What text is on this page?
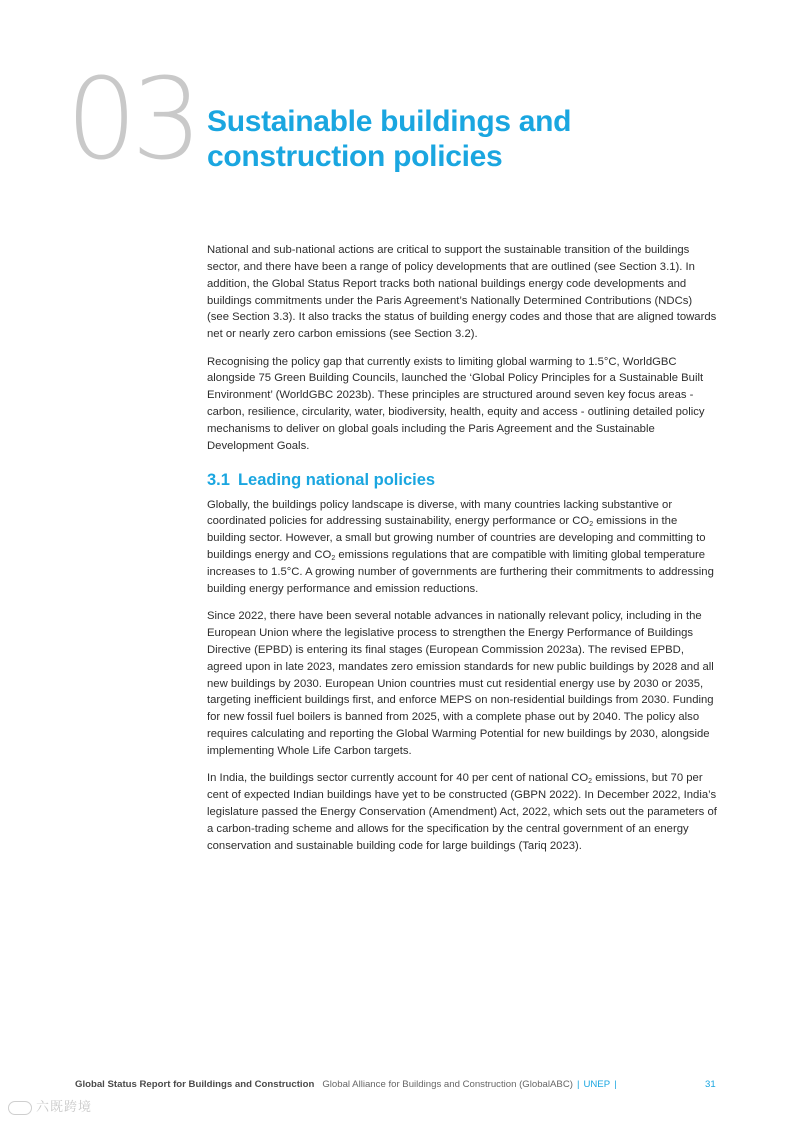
03 Sustainable buildings and construction policies

National and sub-national actions are critical to support the sustainable transition of the buildings sector, and there have been a range of policy developments that are outlined (see Section 3.1). In addition, the Global Status Report tracks both national buildings energy code developments and buildings commitments under the Paris Agreement’s Nationally Determined Contributions (NDCs) (see Section 3.3). It also tracks the status of building energy codes and those that are aligned towards net or nearly zero carbon emissions (see Section 3.2).

Recognising the policy gap that currently exists to limiting global warming to 1.5°C, WorldGBC alongside 75 Green Building Councils, launched the ‘Global Policy Principles for a Sustainable Built Environment’ (WorldGBC 2023b). These principles are structured around seven key focus areas - carbon, resilience, circularity, water, biodiversity, health, equity and access - outlining detailed policy mechanisms to deliver on global goals including the Paris Agreement and the Sustainable Development Goals.

3.1 Leading national policies

Globally, the buildings policy landscape is diverse, with many countries lacking substantive or coordinated policies for addressing sustainability, energy performance or $CO_2$ emissions in the building sector. However, a small but growing number of countries are developing and committing to buildings energy and $CO_2$ emissions regulations that are compatible with limiting global temperature increases to 1.5°C. A growing number of governments are furthering their commitments to addressing building energy performance and emission reductions.

Since 2022, there have been several notable advances in nationally relevant policy, including in the European Union where the legislative process to strengthen the Energy Performance of Buildings Directive (EPBD) is entering its final stages (European Commission 2023a). The revised EPBD, agreed upon in late 2023, mandates zero emission standards for new public buildings by 2028 and all new buildings by 2030. European Union countries must cut residential energy use by 2030 or 2035, targeting inefficient buildings first, and enforce MEPS on non-residential buildings from 2030. Funding for new fossil fuel boilers is banned from 2025, with a complete phase out by 2040. The policy also requires calculating and reporting the Global Warming Potential for new buildings by 2030, alongside implementing Whole Life Carbon targets.

In India, the buildings sector currently account for 40 per cent of national $CO_2$ emissions, but 70 per cent of expected Indian buildings have yet to be constructed (GBPN 2022). In December 2022, India’s legislature passed the Energy Conservation (Amendment) Act, 2022, which sets out the parameters of a carbon-trading scheme and allows for the specification by the central government of an energy conservation and sustainable building code for large buildings (Tariq 2023).

Global Status Report for Buildings and Construction Global Alliance for Buildings and Construction (GlobalABC) | UNEP |	31
六既跨境
